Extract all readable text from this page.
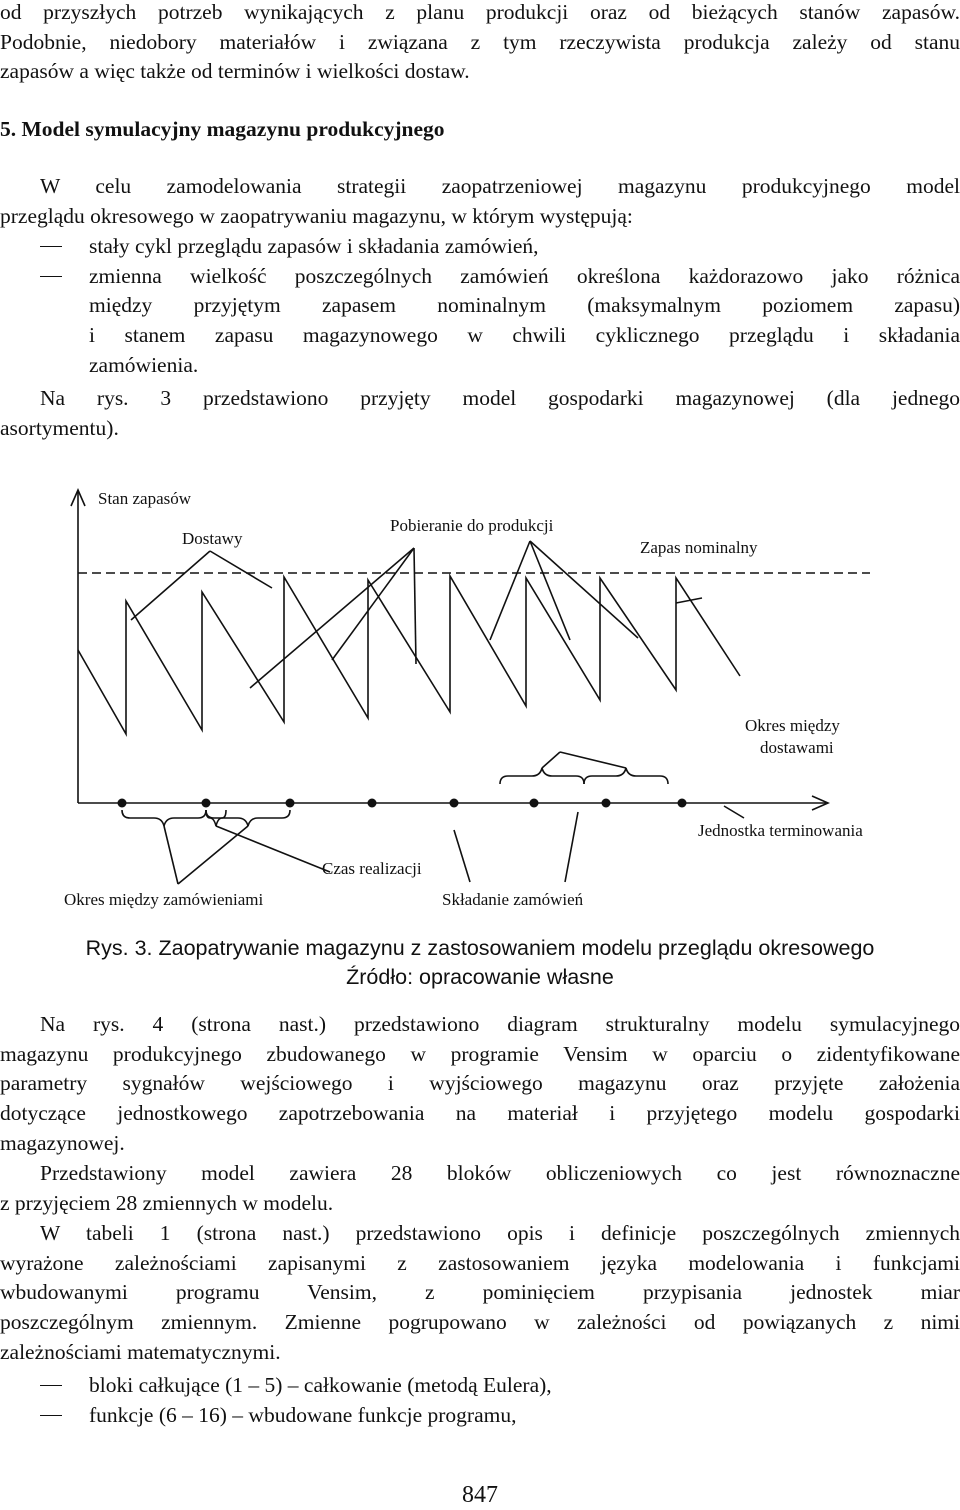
od przyszłych potrzeb wynikających z planu produkcji oraz od bieżących stanów zapasów.
Podobnie, niedobory materiałów i związana z tym rzeczywista produkcja zależy od stanu
zapasów a więc także od terminów i wielkości dostaw.
5. Model symulacyjny magazynu produkcyjnego
W celu zamodelowania strategii zaopatrzeniowej magazynu produkcyjnego model
przeglądu okresowego w zaopatrywaniu magazynu, w którym występują:
stały cykl przeglądu zapasów i składania zamówień,
zmienna wielkość poszczególnych zamówień określona każdorazowo jako różnica
między przyjętym zapasem nominalnym (maksymalnym poziomem zapasu)
i stanem zapasu magazynowego w chwili cyklicznego przeglądu i składania
zamówienia.
Na rys. 3 przedstawiono przyjęty model gospodarki magazynowej (dla jednego
asortymentu).
Stan zapasów
Dostawy
Pobieranie do produkcji
Zapas nominalny
Okres między
dostawami
Jednostka terminowania
Czas realizacji
Okres między zamówieniami	Składanie zamówień
Rys. 3. Zaopatrywanie magazynu z zastosowaniem modelu przeglądu okresowego
Źródło: opracowanie własne
Na rys. 4 (strona nast.) przedstawiono diagram strukturalny modelu symulacyjnego
magazynu produkcyjnego zbudowanego w programie Vensim w oparciu o zidentyfikowane
parametry sygnałów wejściowego i wyjściowego magazynu oraz przyjęte założenia
dotyczące jednostkowego zapotrzebowania na materiał i przyjętego modelu gospodarki
magazynowej.
Przedstawiony model zawiera 28 bloków obliczeniowych co jest równoznaczne
z przyjęciem 28 zmiennych w modelu.
W tabeli 1 (strona nast.) przedstawiono opis i definicje poszczególnych zmiennych
wyrażone zależnościami zapisanymi z zastosowaniem języka modelowania i funkcjami
wbudowanymi programu Vensim, z pominięciem przypisania jednostek miar
poszczególnym zmiennym. Zmienne pogrupowano w zależności od powiązanych z nimi
zależnościami matematycznymi.
bloki całkujące (1 – 5) – całkowanie (metodą Eulera),
funkcje (6 – 16) – wbudowane funkcje programu,
847
